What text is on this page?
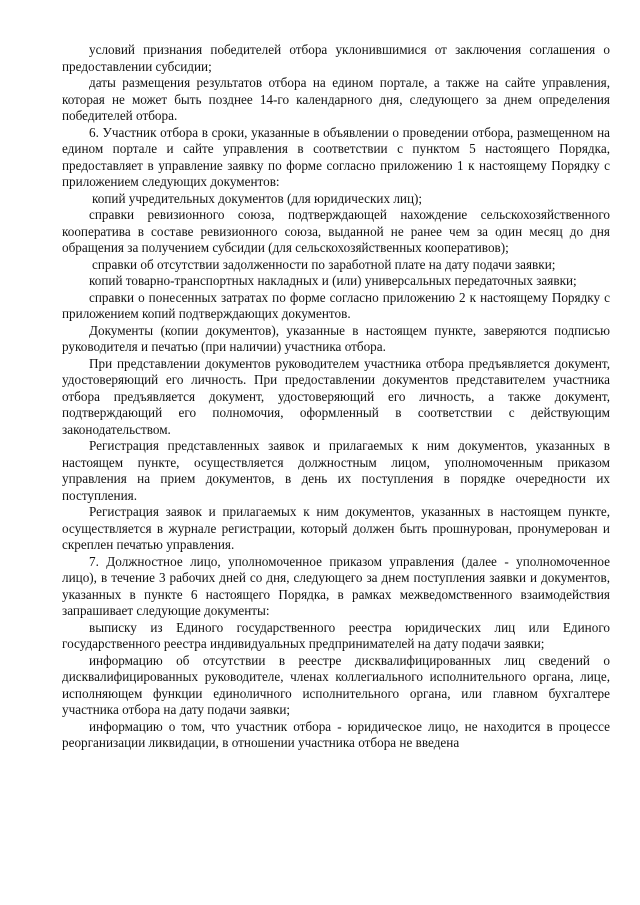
условий признания победителей отбора уклонившимися от заключения соглашения о предоставлении субсидии;

даты размещения результатов отбора на едином портале, а также на сайте управления, которая не может быть позднее 14-го календарного дня, следующего за днем определения победителей отбора.

6. Участник отбора в сроки, указанные в объявлении о проведении отбора, размещенном на едином портале и сайте управления в соответствии с пунктом 5 настоящего Порядка, предоставляет в управление заявку по форме согласно приложению 1 к настоящему Порядку с приложением следующих документов:

копий учредительных документов (для юридических лиц);

справки ревизионного союза, подтверждающей нахождение сельскохозяйственного кооператива в составе ревизионного союза, выданной не ранее чем за один месяц до дня обращения за получением субсидии (для сельскохозяйственных кооперативов);

справки об отсутствии задолженности по заработной плате на дату подачи заявки;

копий товарно-транспортных накладных и (или) универсальных передаточных заявки;

справки о понесенных затратах по форме согласно приложению 2 к настоящему Порядку с приложением копий подтверждающих документов.

Документы (копии документов), указанные в настоящем пункте, заверяются подписью руководителя и печатью (при наличии) участника отбора.

При представлении документов руководителем участника отбора предъявляется документ, удостоверяющий его личность. При предоставлении документов представителем участника отбора предъявляется документ, удостоверяющий его личность, а также документ, подтверждающий его полномочия, оформленный в соответствии с действующим законодательством.

Регистрация представленных заявок и прилагаемых к ним документов, указанных в настоящем пункте, осуществляется должностным лицом, уполномоченным приказом управления на прием документов, в день их поступления в порядке очередности их поступления.

Регистрация заявок и прилагаемых к ним документов, указанных в настоящем пункте, осуществляется в журнале регистрации, который должен быть прошнурован, пронумерован и скреплен печатью управления.

7. Должностное лицо, уполномоченное приказом управления (далее - уполномоченное лицо), в течение 3 рабочих дней со дня, следующего за днем поступления заявки и документов, указанных в пункте 6 настоящего Порядка, в рамках межведомственного взаимодействия запрашивает следующие документы:

выписку из Единого государственного реестра юридических лиц или Единого государственного реестра индивидуальных предпринимателей на дату подачи заявки;

информацию об отсутствии в реестре дисквалифицированных лиц сведений о дисквалифицированных руководителе, членах коллегиального исполнительного органа, лице, исполняющем функции единоличного исполнительного органа, или главном бухгалтере участника отбора на дату подачи заявки;

информацию о том, что участник отбора - юридическое лицо, не находится в процессе реорганизации ликвидации, в отношении участника отбора не введена
